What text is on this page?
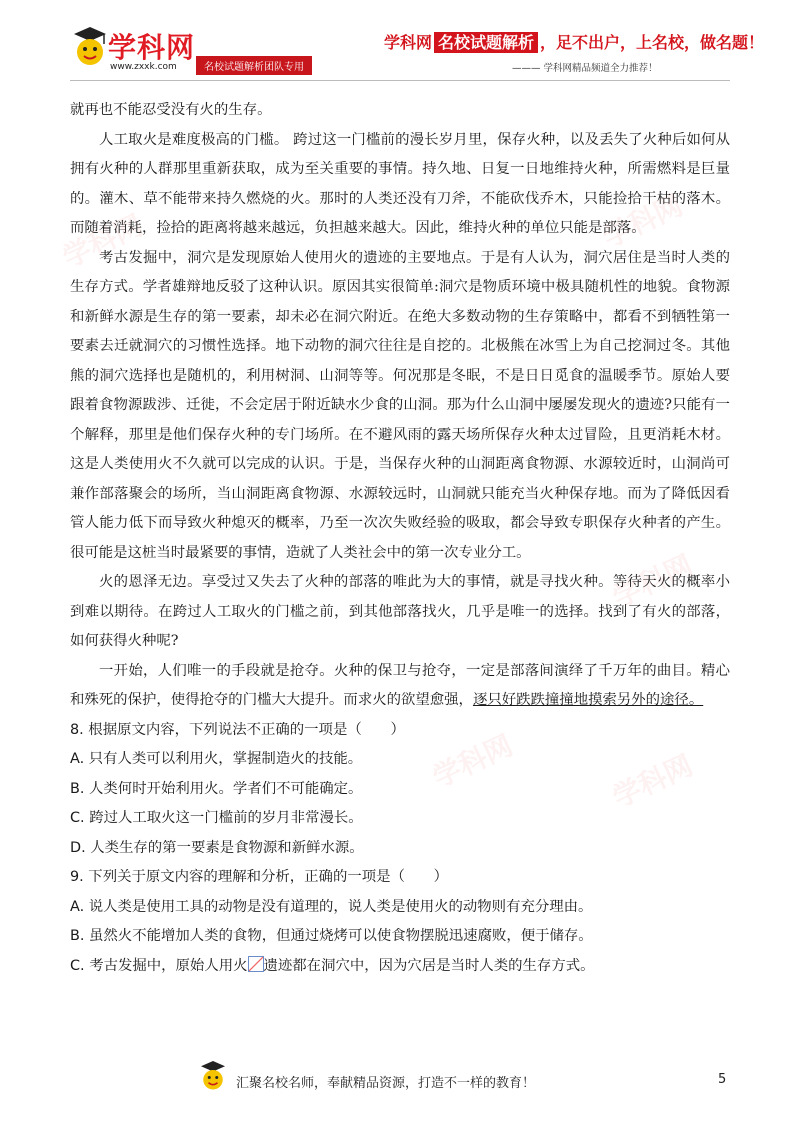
学科网
www.zxxk.com	名校试题解析团队专用
学科网 名校试题解析 ，足不出户，上名校，做名题！
——— 学科网精品频道全力推荐！
学科网	学科网
学科网
学科网	学科网

就再也不能忍受没有火的生存。

人工取火是难度极高的门槛。 跨过这一门槛前的漫长岁月里，保存火种，以及丢失了火种后如何从拥有火种的人群那里重新获取，成为至关重要的事情。持久地、日复一日地维持火种，所需燃料是巨量的。灌木、草不能带来持久燃烧的火。那时的人类还没有刀斧，不能砍伐乔木，只能捡拾干枯的落木。而随着消耗，捡拾的距离将越来越远，负担越来越大。因此，维持火种的单位只能是部落。

考古发掘中，洞穴是发现原始人使用火的遗迹的主要地点。于是有人认为，洞穴居住是当时人类的生存方式。学者雄辩地反驳了这种认识。原因其实很简单:洞穴是物质环境中极具随机性的地貌。食物源和新鲜水源是生存的第一要素，却未必在洞穴附近。在绝大多数动物的生存策略中，都看不到牺牲第一要素去迁就洞穴的习惯性选择。地下动物的洞穴往往是自挖的。北极熊在冰雪上为自己挖洞过冬。其他熊的洞穴选择也是随机的，利用树洞、山洞等等。何况那是冬眠，不是日日觅食的温暖季节。原始人要跟着食物源跋涉、迁徙，不会定居于附近缺水少食的山洞。那为什么山洞中屡屡发现火的遗迹?只能有一个解释，那里是他们保存火种的专门场所。在不避风雨的露天场所保存火种太过冒险，且更消耗木材。这是人类使用火不久就可以完成的认识。于是，当保存火种的山洞距离食物源、水源较近时，山洞尚可兼作部落聚会的场所，当山洞距离食物源、水源较远时，山洞就只能充当火种保存地。而为了降低因看管人能力低下而导致火种熄灭的概率，乃至一次次失败经验的吸取，都会导致专职保存火种者的产生。很可能是这桩当时最紧要的事情，造就了人类社会中的第一次专业分工。

火的恩泽无边。享受过又失去了火种的部落的唯此为大的事情，就是寻找火种。等待天火的概率小到难以期待。在跨过人工取火的门槛之前，到其他部落找火，几乎是唯一的选择。找到了有火的部落，如何获得火种呢?

一开始，人们唯一的手段就是抢夺。火种的保卫与抢夺，一定是部落间演绎了千万年的曲目。精心和殊死的保护，使得抢夺的门槛大大提升。而求火的欲望愈强，逐只好跌跌撞撞地摸索另外的途径。

8. 根据原文内容，下列说法不正确的一项是（　　）

A. 只有人类可以利用火，掌握制造火的技能。

B. 人类何时开始利用火。学者们不可能确定。

C. 跨过人工取火这一门槛前的岁月非常漫长。

D. 人类生存的第一要素是食物源和新鲜水源。

9. 下列关于原文内容的理解和分析，正确的一项是（　　）

A. 说人类是使用工具的动物是没有道理的，说人类是使用火的动物则有充分理由。

B. 虽然火不能增加人类的食物，但通过烧烤可以使食物摆脱迅速腐败，便于储存。

C. 考古发掘中，原始人用火 遗迹都在洞穴中，因为穴居是当时人类的生存方式。

汇聚名校名师，奉献精品资源，打造不一样的教育！	5
